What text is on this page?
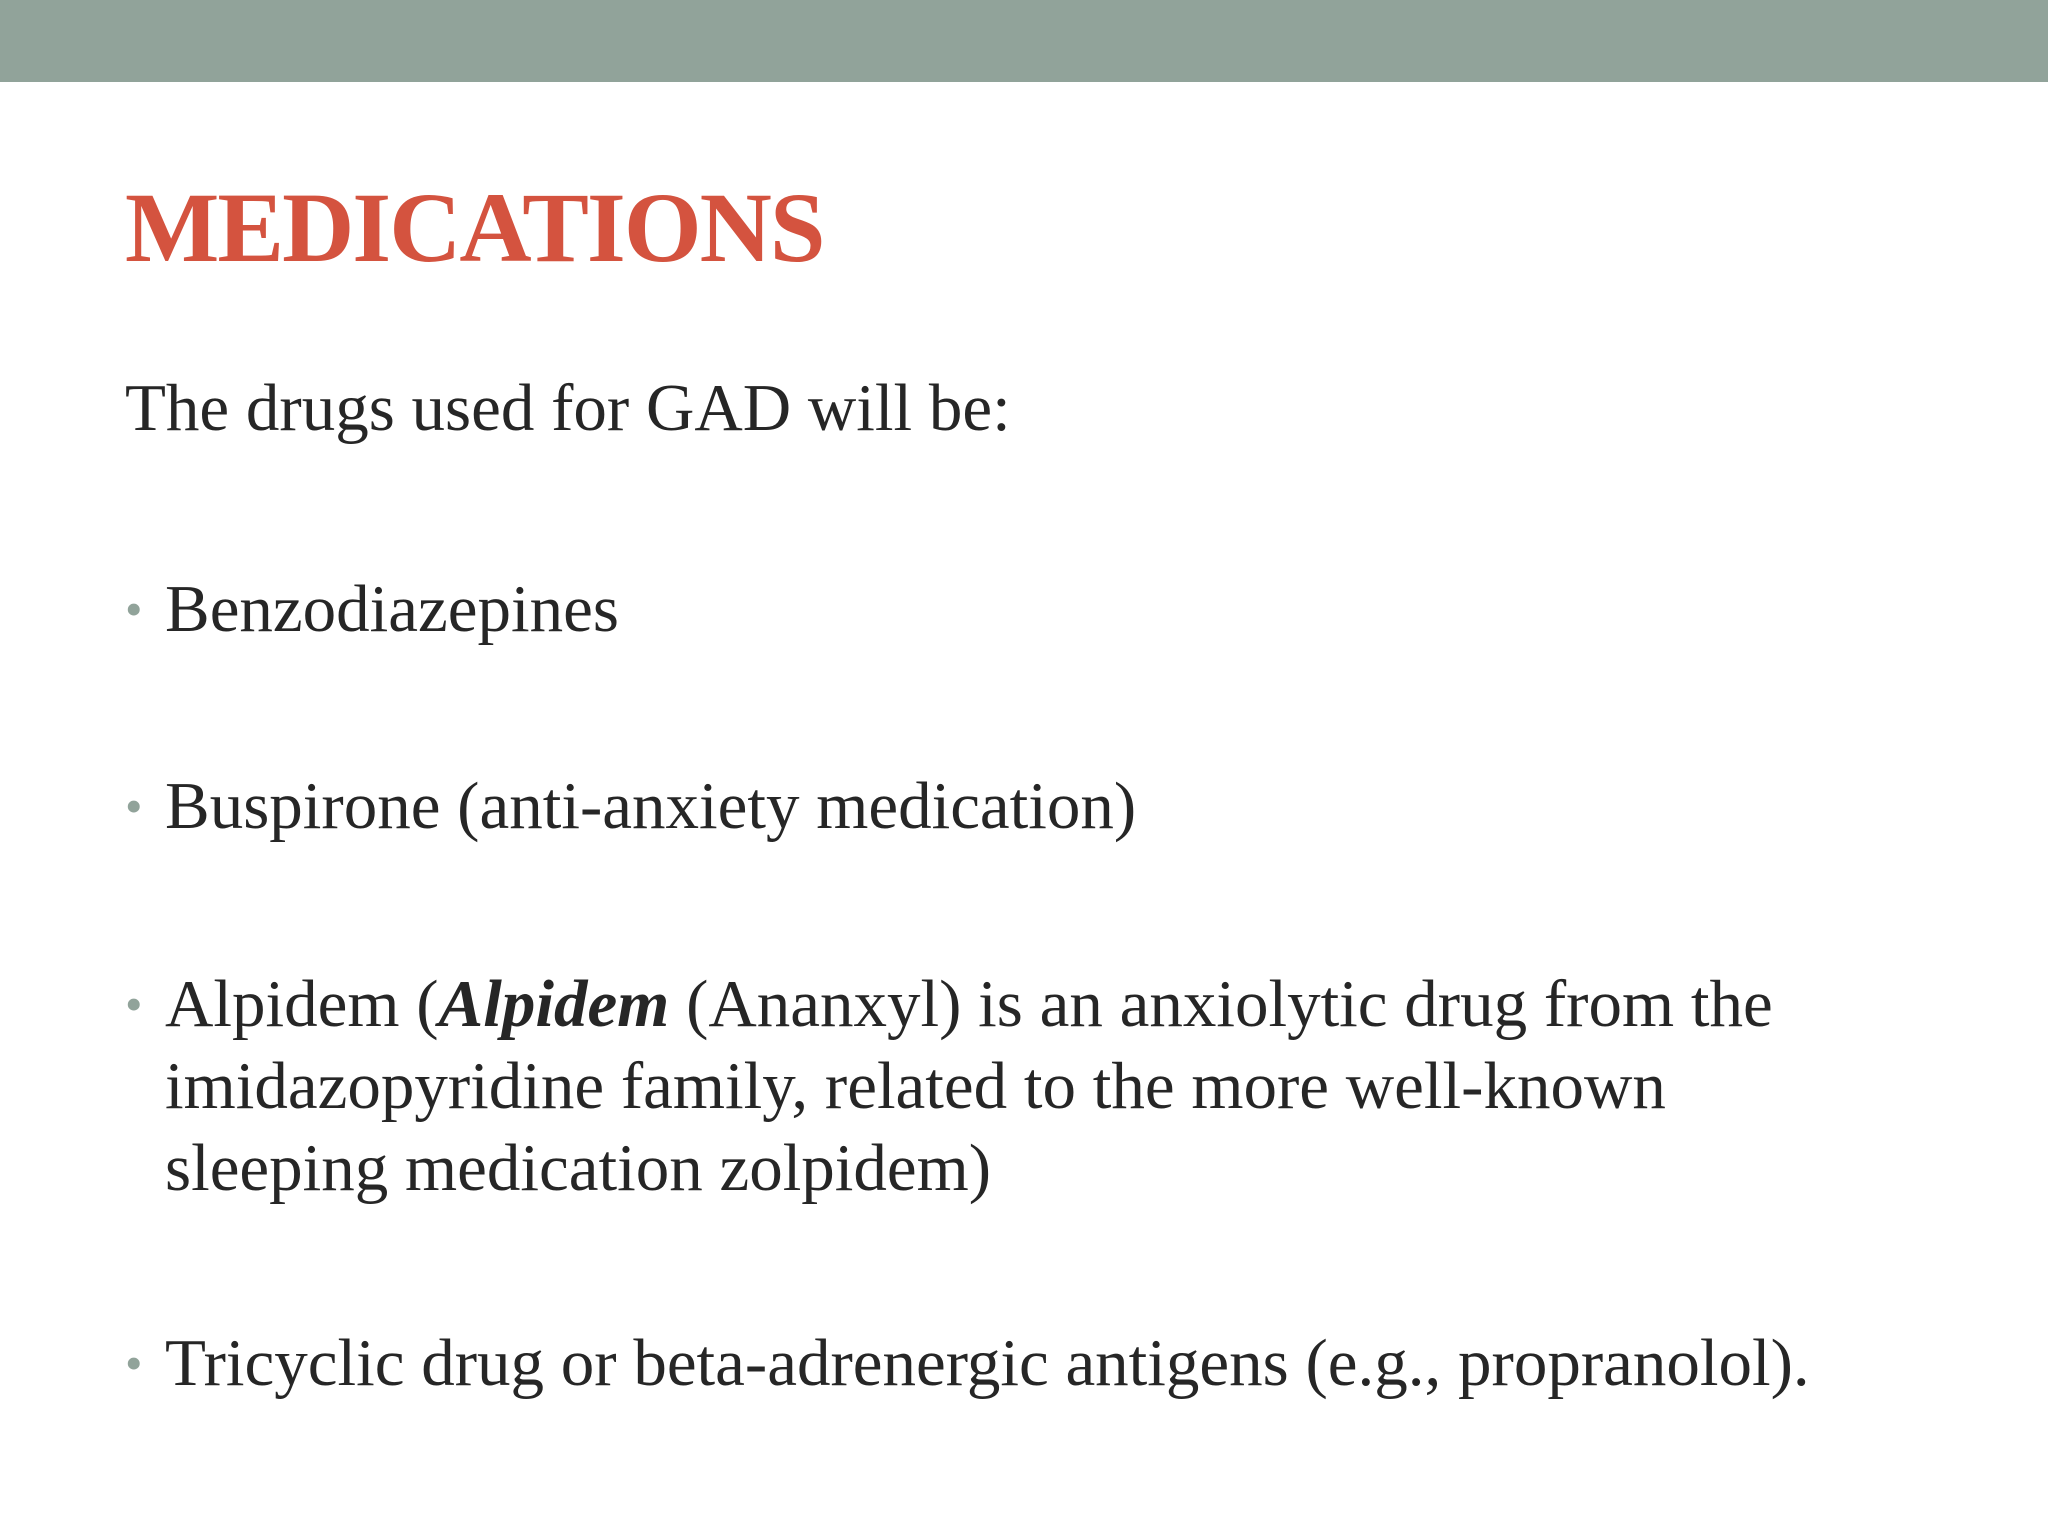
MEDICATIONS

The drugs used for GAD will be:

• Benzodiazepines
• Buspirone (anti-anxiety medication)
• Alpidem (Alpidem (Ananxyl) is an anxiolytic drug from the imidazopyridine family, related to the more well-known sleeping medication zolpidem)
• Tricyclic drug or beta-adrenergic antigens (e.g., propranolol).
